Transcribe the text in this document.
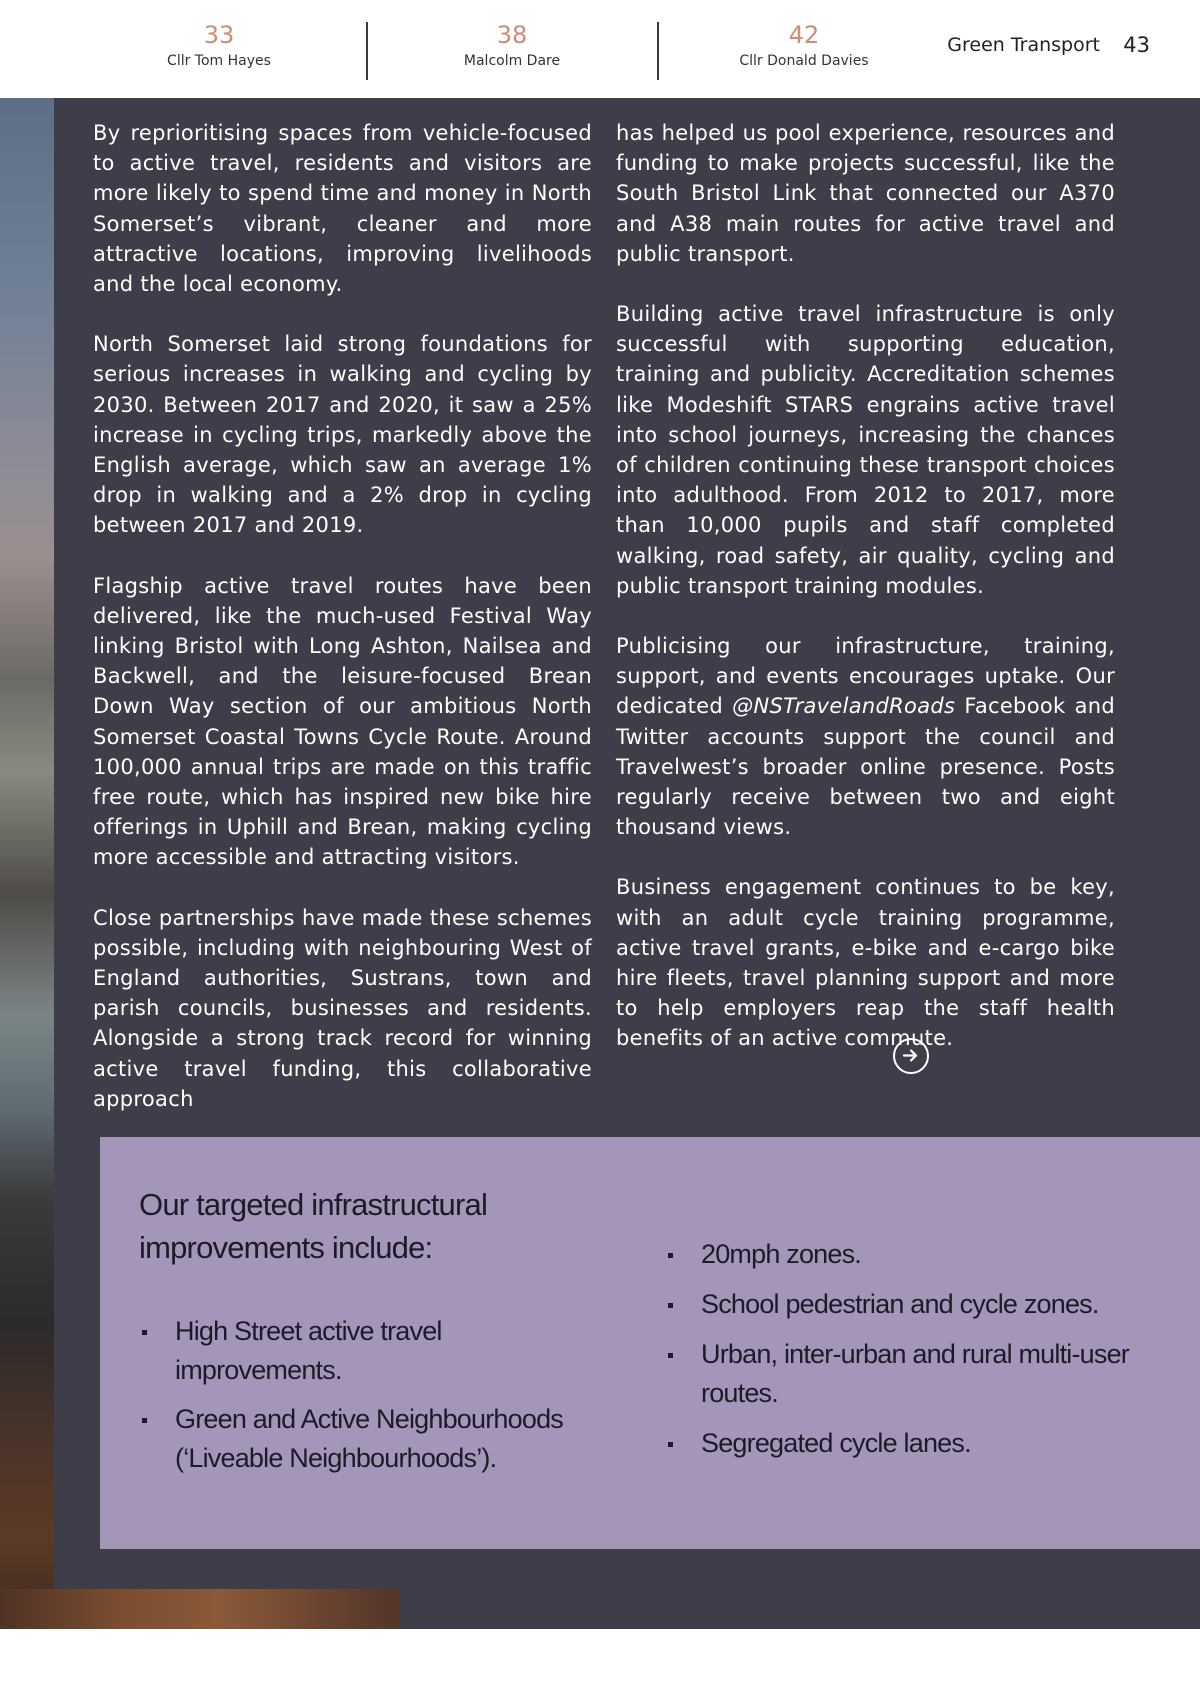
33
Cllr Tom Hayes
38
Malcolm Dare
42
Cllr Donald Davies
Green Transport 43

By reprioritising spaces from vehicle-focused to active travel, residents and visitors are more likely to spend time and money in North Somerset’s vibrant, cleaner and more attractive locations, improving livelihoods and the local economy.

North Somerset laid strong foundations for serious increases in walking and cycling by 2030. Between 2017 and 2020, it saw a 25% increase in cycling trips, markedly above the English average, which saw an average 1% drop in walking and a 2% drop in cycling between 2017 and 2019.

Flagship active travel routes have been delivered, like the much-used Festival Way linking Bristol with Long Ashton, Nailsea and Backwell, and the leisure-focused Brean Down Way section of our ambitious North Somerset Coastal Towns Cycle Route. Around 100,000 annual trips are made on this traffic free route, which has inspired new bike hire offerings in Uphill and Brean, making cycling more accessible and attracting visitors.

Close partnerships have made these schemes possible, including with neighbouring West of England authorities, Sustrans, town and parish councils, businesses and residents. Alongside a strong track record for winning active travel funding, this collaborative approach

has helped us pool experience, resources and funding to make projects successful, like the South Bristol Link that connected our A370 and A38 main routes for active travel and public transport.

Building active travel infrastructure is only successful with supporting education, training and publicity. Accreditation schemes like Modeshift STARS engrains active travel into school journeys, increasing the chances of children continuing these transport choices into adulthood. From 2012 to 2017, more than 10,000 pupils and staff completed walking, road safety, air quality, cycling and public transport training modules.

Publicising our infrastructure, training, support, and events encourages uptake. Our dedicated @NSTravelandRoads Facebook and Twitter accounts support the council and Travelwest’s broader online presence. Posts regularly receive between two and eight thousand views.

Business engagement continues to be key, with an adult cycle training programme, active travel grants, e-bike and e-cargo bike hire fleets, travel planning support and more to help employers reap the staff health benefits of an active commute.

Our targeted infrastructural improvements include:
High Street active travel improvements.
Green and Active Neighbourhoods (‘Liveable Neighbourhoods’).
20mph zones.
School pedestrian and cycle zones.
Urban, inter-urban and rural multi-user routes.
Segregated cycle lanes.
